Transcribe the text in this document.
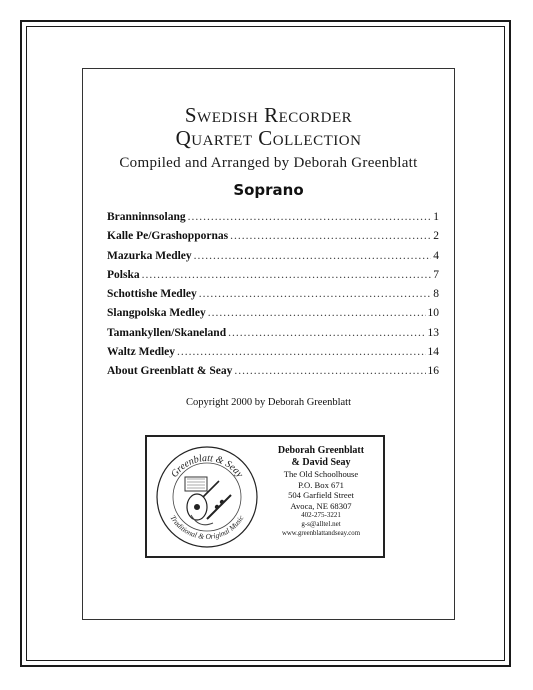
Swedish Recorder
Quartet Collection
Compiled and Arranged by Deborah Greenblatt
Soprano
Branninnsolang .....	1
Kalle Pe/Grashoppornas .....	2
Mazurka Medley .....	4
Polska .....	7
Schottishe Medley .....	8
Slangpolska Medley .....	10
Tamankyllen/Skaneland .....	13
Waltz Medley .....	14
About Greenblatt & Seay .....	16
Copyright 2000 by Deborah Greenblatt
Greenblatt & Seay
Traditional & Original Music
Deborah Greenblatt
& David Seay
The Old Schoolhouse
P.O. Box 671
504 Garfield Street
Avoca, NE 68307
402-275-3221
g-s@alltel.net
www.greenblattandseay.com
